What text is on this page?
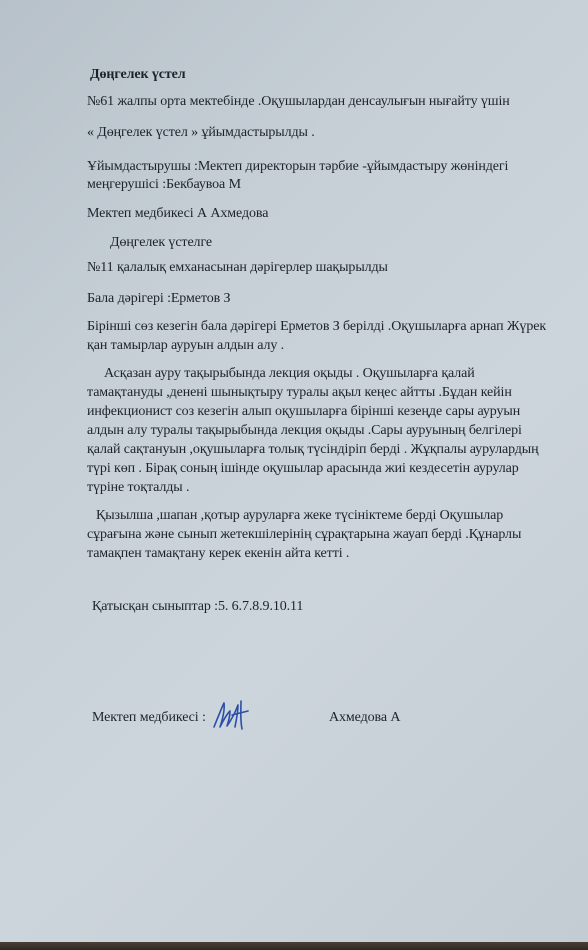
Дөңгелек үстел
№61 жалпы орта мектебінде .Оқушылардан денсаулығын нығайту үшін
« Дөңгелек үстел » ұйымдастырылды .
Ұйымдастырушы :Мектеп директорын тәрбие -ұйымдастыру жөніндегі
меңгерушісі :Бекбаувоа М
Мектеп медбикесі А Ахмедова
Дөңгелек үстелге
№11 қалалық емханасынан дәрігерлер шақырылды
Бала дәрігері :Ерметов З
Бірінші сөз кезегін бала дәрігері Ерметов З берілді .Оқушыларға арнап Жүрек
қан тамырлар ауруын алдын алу .
Асқазан ауру тақырыбында лекция оқыды . Оқушыларға қалай
тамақтануды ,денені шынықтыру туралы ақыл кеңес айтты .Бұдан кейін
инфекционист соз кезегін алып оқушыларға бірінші кезеңде сары ауруын
алдын алу туралы тақырыбында лекция оқыды .Сары ауруының белгілері
қалай сақтануын ,оқушыларға толық түсіндіріп берді . Жұқпалы аурулардың
түрі көп . Бірақ соның ішінде оқушылар арасында жиі кездесетін аурулар
түріне тоқталды .
Қызылша ,шапан ,қотыр ауруларға жеке түсініктеме берді Оқушылар
сұрағына және сынып жетекшілерінің сұрақтарына жауап берді .Құнарлы
тамақпен тамақтану керек екенін айта кетті .
Қатысқан сыныптар :5. 6.7.8.9.10.11
Мектеп медбикесі :	Ахмедова А
